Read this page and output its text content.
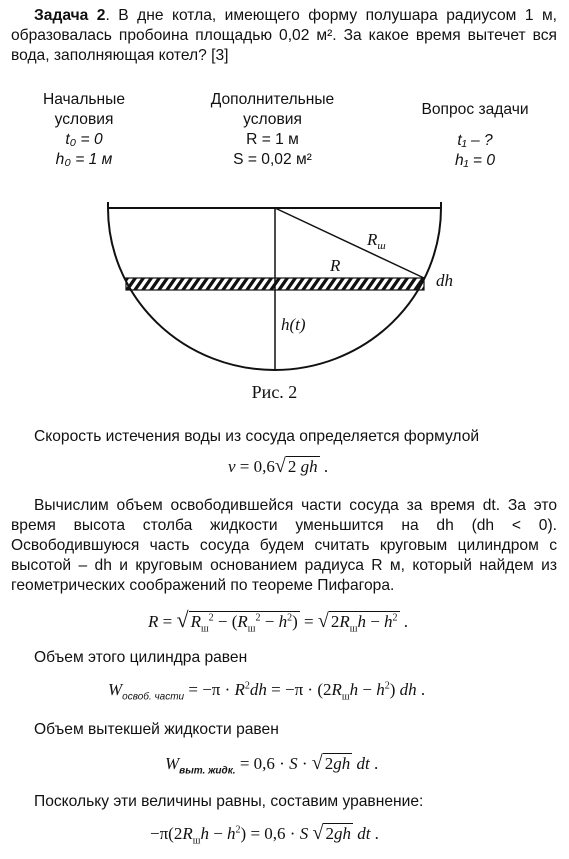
Задача 2. В дне котла, имеющего форму полушара радиусом 1 м, образовалась пробоина площадью 0,02 м². За какое время вытечет вся вода, заполняющая котел? [3]
Начальные
условия
t₀ = 0
h₀ = 1 м
Дополнительные
условия
R = 1 м
S = 0,02 м²
Вопрос задачи
t₁ – ?
h₁ = 0
$R_ш$
R
dh
h(t)
Рис. 2
Скорость истечения воды из сосуда определяется формулой
v = 0,6√ 2 gh .
Вычислим объем освободившейся части сосуда за время dt. За это время высота столба жидкости уменьшится на dh (dh < 0). Освободившуюся часть сосуда будем считать круговым цилиндром с высотой – dh и круговым основанием радиуса R м, который найдем из геометрических соображений по теореме Пифагора.
R = √ $R_ш^2 - (R_ш^2 - h^2)$ = √ $2R_шh - h^2$ .
Объем этого цилиндра равен
$W_{освоб. части} = -\pi \cdot R^2dh = -\pi \cdot (2R_шh - h^2)$ dh .
Объем вытекшей жидкости равен
$W_{выт. жидк.} = 0,6 \cdot S$ · √ 2gh dt .
Поскольку эти величины равны, составим уравнение:
$-\pi(2R_шh - h^2) = 0,6 \cdot S$ √ 2gh dt .
